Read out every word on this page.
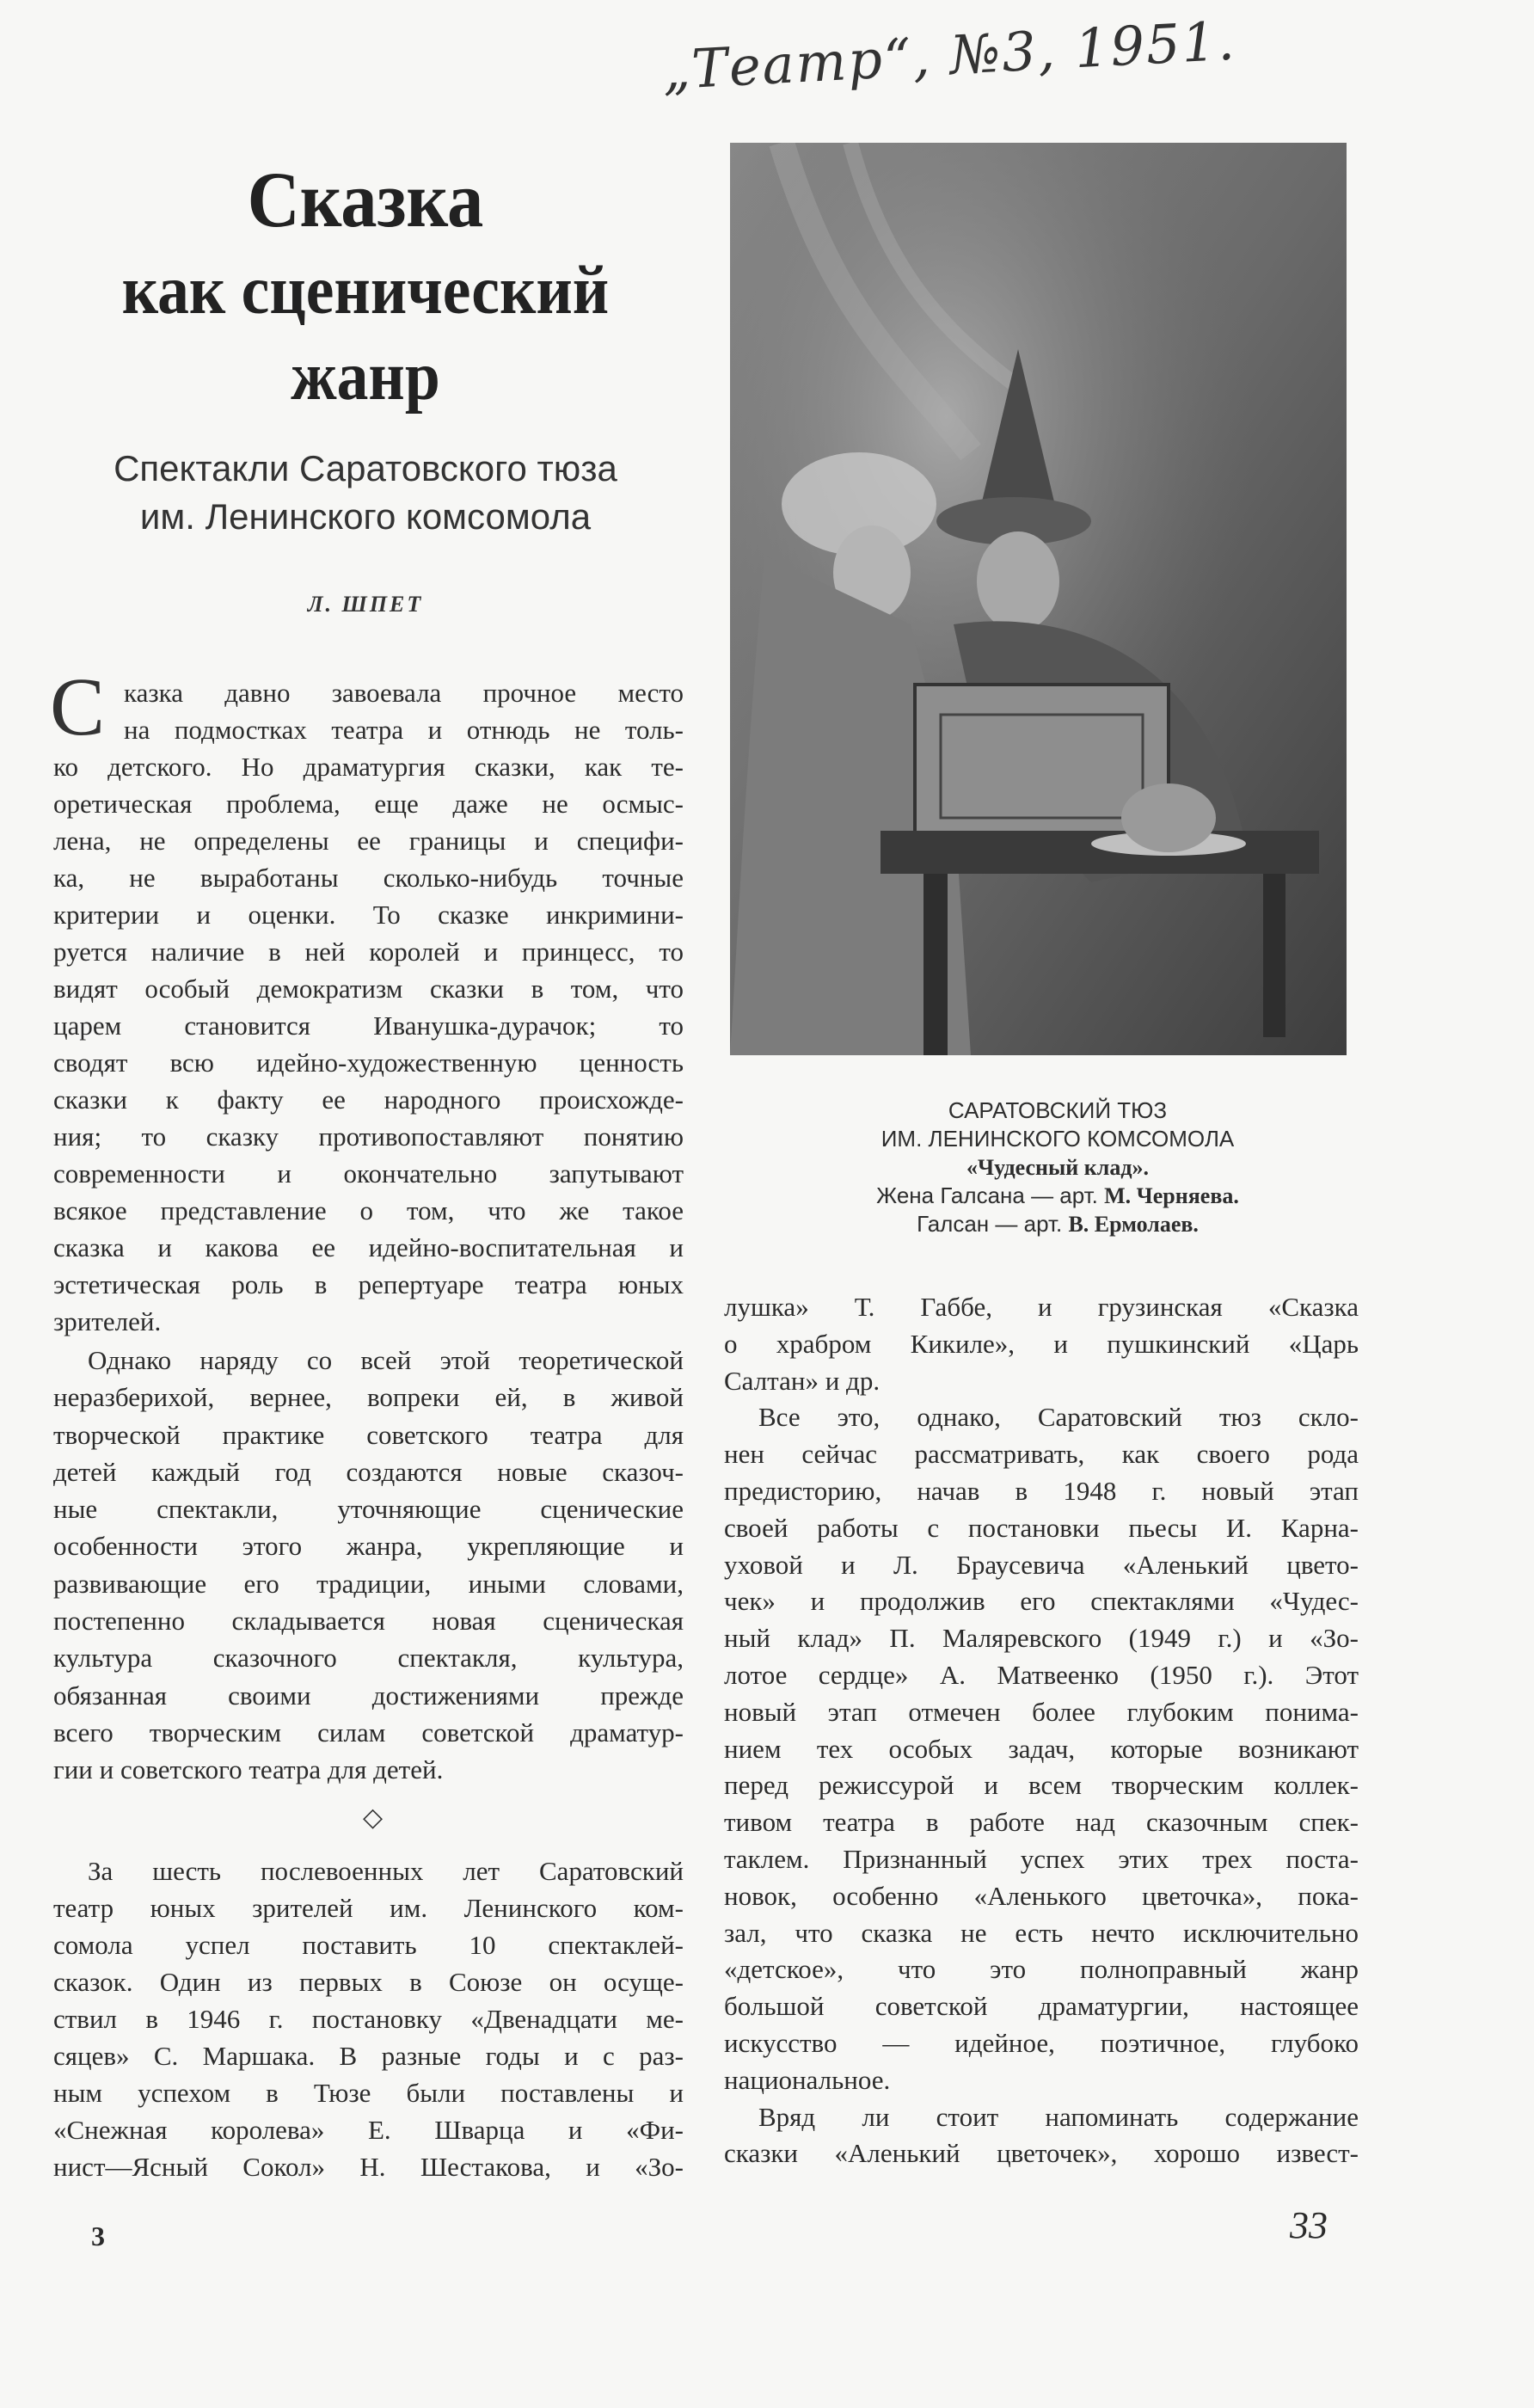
„Театр“, №3, 1951.
Сказка
как сценический
жанр
Спектакли Саратовского тюза
им. Ленинского комсомола
Л. ШПЕТ
С казка давно завоевала прочное место
на подмостках театра и отнюдь не толь-
ко детского. Но драматургия сказки, как те-
оретическая проблема, еще даже не осмыс-
лена, не определены ее границы и специфи-
ка, не выработаны сколько-нибудь точные
критерии и оценки. То сказке инкримини-
руется наличие в ней королей и принцесс, то
видят особый демократизм сказки в том, что
царем становится Иванушка-дурачок; то
сводят всю идейно-художественную ценность
сказки к факту ее народного происхожде-
ния; то сказку противопоставляют понятию
современности и окончательно запутывают
всякое представление о том, что же такое
сказка и какова ее идейно-воспитательная и
эстетическая роль в репертуаре театра юных
зрителей.
Однако наряду со всей этой теоретической
неразберихой, вернее, вопреки ей, в живой
творческой практике советского театра для
детей каждый год создаются новые сказоч-
ные спектакли, уточняющие сценические
особенности этого жанра, укрепляющие и
развивающие его традиции, иными словами,
постепенно складывается новая сценическая
культура сказочного спектакля, культура,
обязанная своими достижениями прежде
всего творческим силам советской драматур-
гии и советского театра для детей.
◇
За шесть послевоенных лет Саратовский
театр юных зрителей им. Ленинского ком-
сомола успел поставить 10 спектаклей-
сказок. Один из первых в Союзе он осуще-
ствил в 1946 г. постановку «Двенадцати ме-
сяцев» С. Маршака. В разные годы и с раз-
ным успехом в Тюзе были поставлены и
«Снежная королева» Е. Шварца и «Фи-
нист—Ясный Сокол» Н. Шестакова, и «Зо-
САРАТОВСКИЙ ТЮЗ
ИМ. ЛЕНИНСКОГО КОМСОМОЛА
«Чудесный клад».
Жена Галсана — арт. М. Черняева.
Галсан — арт. В. Ермолаев.
лушка» Т. Габбе, и грузинская «Сказка
о храбром Кикиле», и пушкинский «Царь
Салтан» и др.
Все это, однако, Саратовский тюз скло-
нен сейчас рассматривать, как своего рода
предисторию, начав в 1948 г. новый этап
своей работы с постановки пьесы И. Карна-
уховой и Л. Браусевича «Аленький цвето-
чек» и продолжив его спектаклями «Чудес-
ный клад» П. Маляревского (1949 г.) и «Зо-
лотое сердце» А. Матвеенко (1950 г.). Этот
новый этап отмечен более глубоким понима-
нием тех особых задач, которые возникают
перед режиссурой и всем творческим коллек-
тивом театра в работе над сказочным спек-
таклем. Признанный успех этих трех поста-
новок, особенно «Аленького цветочка», пока-
зал, что сказка не есть нечто исключительно
«детское», что это полноправный жанр
большой советской драматургии, настоящее
искусство — идейное, поэтичное, глубоко
национальное.
Вряд ли стоит напоминать содержание
сказки «Аленький цветочек», хорошо извест-
3	33
